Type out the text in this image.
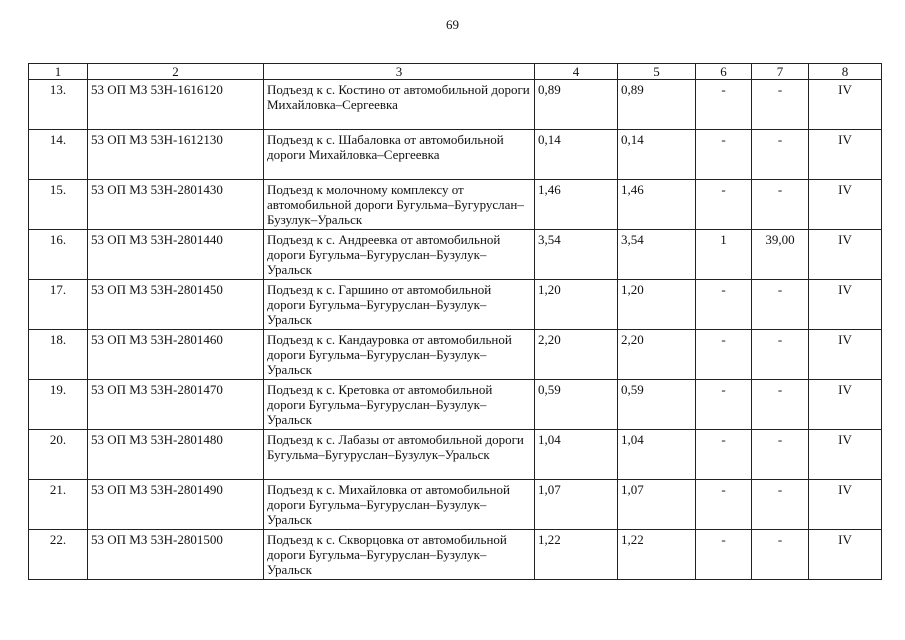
69
1	2	3	4	5	6	7	8
13.	53 ОП МЗ 53Н-1616120	Подъезд к с. Костино от автомобильной дороги Михайловка–Сергеевка	0,89	0,89	-	-	IV
14.	53 ОП МЗ 53Н-1612130	Подъезд к с. Шабаловка от автомобильной дороги Михайловка–Сергеевка	0,14	0,14	-	-	IV
15.	53 ОП МЗ 53Н-2801430	Подъезд к молочному комплексу от автомобильной дороги Бугульма–Бугуруслан–Бузулук–Уральск	1,46	1,46	-	-	IV
16.	53 ОП МЗ 53Н-2801440	Подъезд к с. Андреевка от автомобильной дороги Бугульма–Бугуруслан–Бузулук–Уральск	3,54	3,54	1	39,00	IV
17.	53 ОП МЗ 53Н-2801450	Подъезд к с. Гаршино от автомобильной дороги Бугульма–Бугуруслан–Бузулук–Уральск	1,20	1,20	-	-	IV
18.	53 ОП МЗ 53Н-2801460	Подъезд к с. Кандауровка от автомобильной дороги Бугульма–Бугуруслан–Бузулук–Уральск	2,20	2,20	-	-	IV
19.	53 ОП МЗ 53Н-2801470	Подъезд к с. Кретовка от автомобильной дороги Бугульма–Бугуруслан–Бузулук–Уральск	0,59	0,59	-	-	IV
20.	53 ОП МЗ 53Н-2801480	Подъезд к с. Лабазы от автомобильной дороги Бугульма–Бугуруслан–Бузулук–Уральск	1,04	1,04	-	-	IV
21.	53 ОП МЗ 53Н-2801490	Подъезд к с. Михайловка от автомобильной дороги Бугульма–Бугуруслан–Бузулук–Уральск	1,07	1,07	-	-	IV
22.	53 ОП МЗ 53Н-2801500	Подъезд к с. Скворцовка от автомобильной дороги Бугульма–Бугуруслан–Бузулук–Уральск	1,22	1,22	-	-	IV
